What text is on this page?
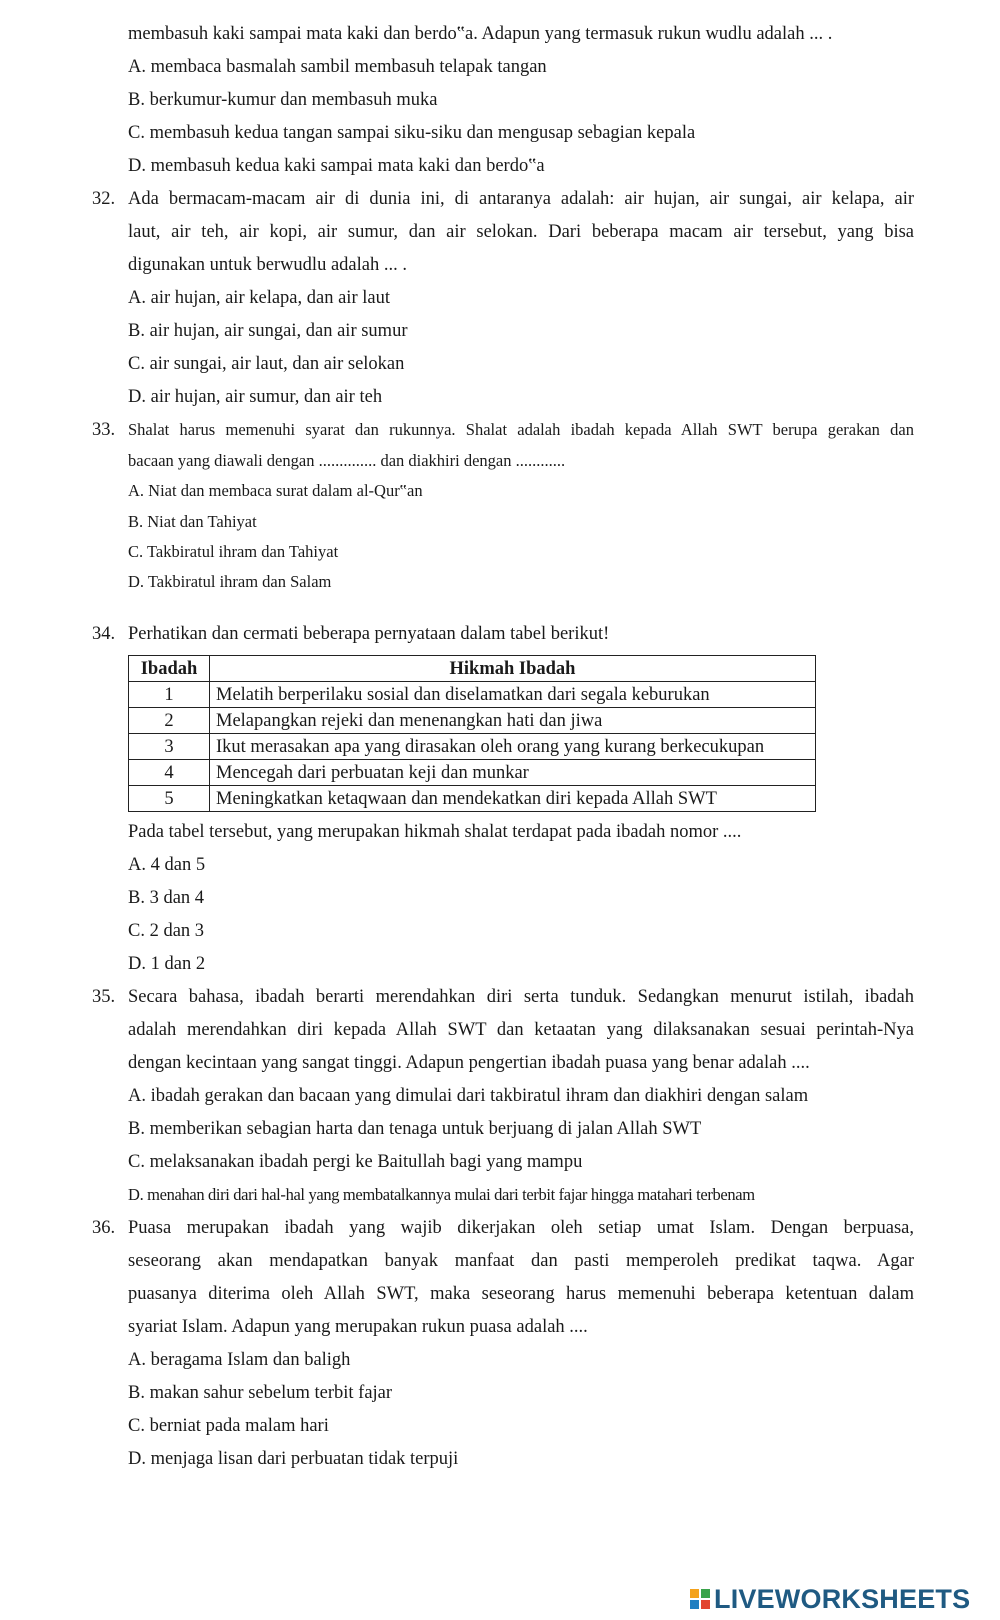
membasuh kaki sampai mata kaki dan berdo‟a. Adapun yang termasuk rukun wudlu adalah ... .
A. membaca basmalah sambil membasuh telapak tangan
B. berkumur-kumur dan membasuh muka
C. membasuh kedua tangan sampai siku-siku dan mengusap sebagian kepala
D. membasuh kedua kaki sampai mata kaki dan berdo‟a
32. Ada bermacam-macam air di dunia ini, di antaranya adalah: air hujan, air sungai, air kelapa, air
laut, air teh, air kopi, air sumur, dan air selokan. Dari beberapa macam air tersebut, yang bisa
digunakan untuk berwudlu adalah ... .
A. air hujan, air kelapa, dan air laut
B. air hujan, air sungai, dan air sumur
C. air sungai, air laut, dan air selokan
D. air hujan, air sumur, dan air teh
33. Shalat harus memenuhi syarat dan rukunnya. Shalat adalah ibadah kepada Allah SWT berupa gerakan dan
bacaan yang diawali dengan .............. dan diakhiri dengan ............
A. Niat dan membaca surat dalam al-Qur‟an
B. Niat dan Tahiyat
C. Takbiratul ihram dan Tahiyat
D. Takbiratul ihram dan Salam
34. Perhatikan dan cermati beberapa pernyataan dalam tabel berikut!
Ibadah	Hikmah Ibadah
1	Melatih berperilaku sosial dan diselamatkan dari segala keburukan
2	Melapangkan rejeki dan menenangkan hati dan jiwa
3	Ikut merasakan apa yang dirasakan oleh orang yang kurang berkecukupan
4	Mencegah dari perbuatan keji dan munkar
5	Meningkatkan ketaqwaan dan mendekatkan diri kepada Allah SWT
Pada tabel tersebut, yang merupakan hikmah shalat terdapat pada ibadah nomor ....
A. 4 dan 5
B. 3 dan 4
C. 2 dan 3
D. 1 dan 2
35. Secara bahasa, ibadah berarti merendahkan diri serta tunduk. Sedangkan menurut istilah, ibadah
adalah merendahkan diri kepada Allah SWT dan ketaatan yang dilaksanakan sesuai perintah-Nya
dengan kecintaan yang sangat tinggi. Adapun pengertian ibadah puasa yang benar adalah ....
A. ibadah gerakan dan bacaan yang dimulai dari takbiratul ihram dan diakhiri dengan salam
B. memberikan sebagian harta dan tenaga untuk berjuang di jalan Allah SWT
C. melaksanakan ibadah pergi ke Baitullah bagi yang mampu
D. menahan diri dari hal-hal yang membatalkannya mulai dari terbit fajar hingga matahari terbenam
36. Puasa merupakan ibadah yang wajib dikerjakan oleh setiap umat Islam. Dengan berpuasa,
seseorang akan mendapatkan banyak manfaat dan pasti memperoleh predikat taqwa. Agar
puasanya diterima oleh Allah SWT, maka seseorang harus memenuhi beberapa ketentuan dalam
syariat Islam. Adapun yang merupakan rukun puasa adalah ....
A. beragama Islam dan baligh
B. makan sahur sebelum terbit fajar
C. berniat pada malam hari
D. menjaga lisan dari perbuatan tidak terpuji
LIVEWORKSHEETS
